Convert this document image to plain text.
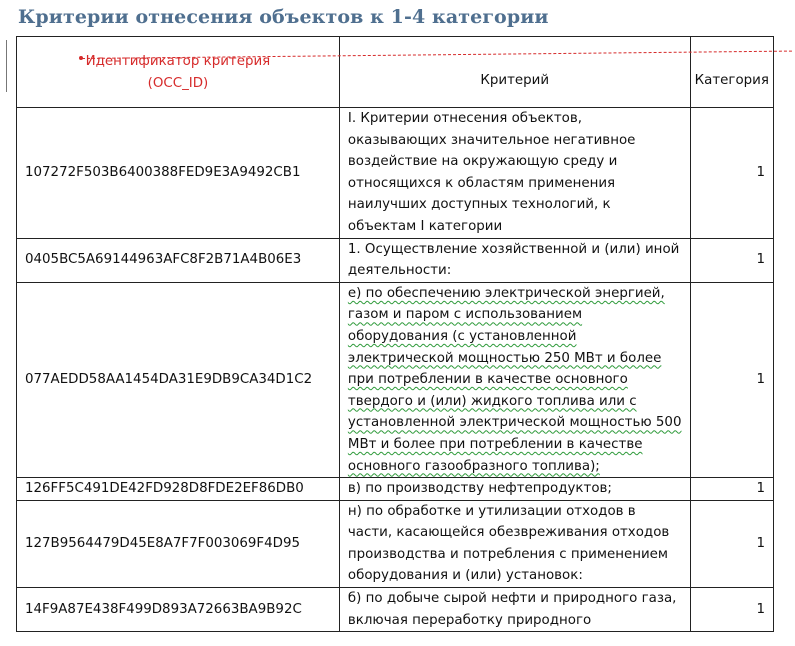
Критерии отнесения объектов к 1-4 категории
Идентификатор критерия
(OCC_ID)	Критерий	Категория
107272F503B6400388FED9E3A9492CB1	I. Критерии отнесения объектов, оказывающих значительное негативное воздействие на окружающую среду и относящихся к областям применения наилучших доступных технологий, к объектам I категории	1
0405BC5A69144963AFC8F2B71A4B06E3	1. Осуществление хозяйственной и (или) иной деятельности:	1
077AEDD58AA1454DA31E9DB9CA34D1C2	е) по обеспечению электрической энергией, газом и паром с использованием оборудования (с установленной электрической мощностью 250 МВт и более при потреблении в качестве основного твердого и (или) жидкого топлива или с установленной электрической мощностью 500 МВт и более при потреблении в качестве основного газообразного топлива);	1
126FF5C491DE42FD928D8FDE2EF86DB0	в) по производству нефтепродуктов;	1
127B9564479D45E8A7F7F003069F4D95	н) по обработке и утилизации отходов в части, касающейся обезвреживания отходов производства и потребления с применением оборудования и (или) установок:	1
14F9A87E438F499D893A72663BA9B92C	б) по добыче сырой нефти и природного газа, включая переработку природного	1
